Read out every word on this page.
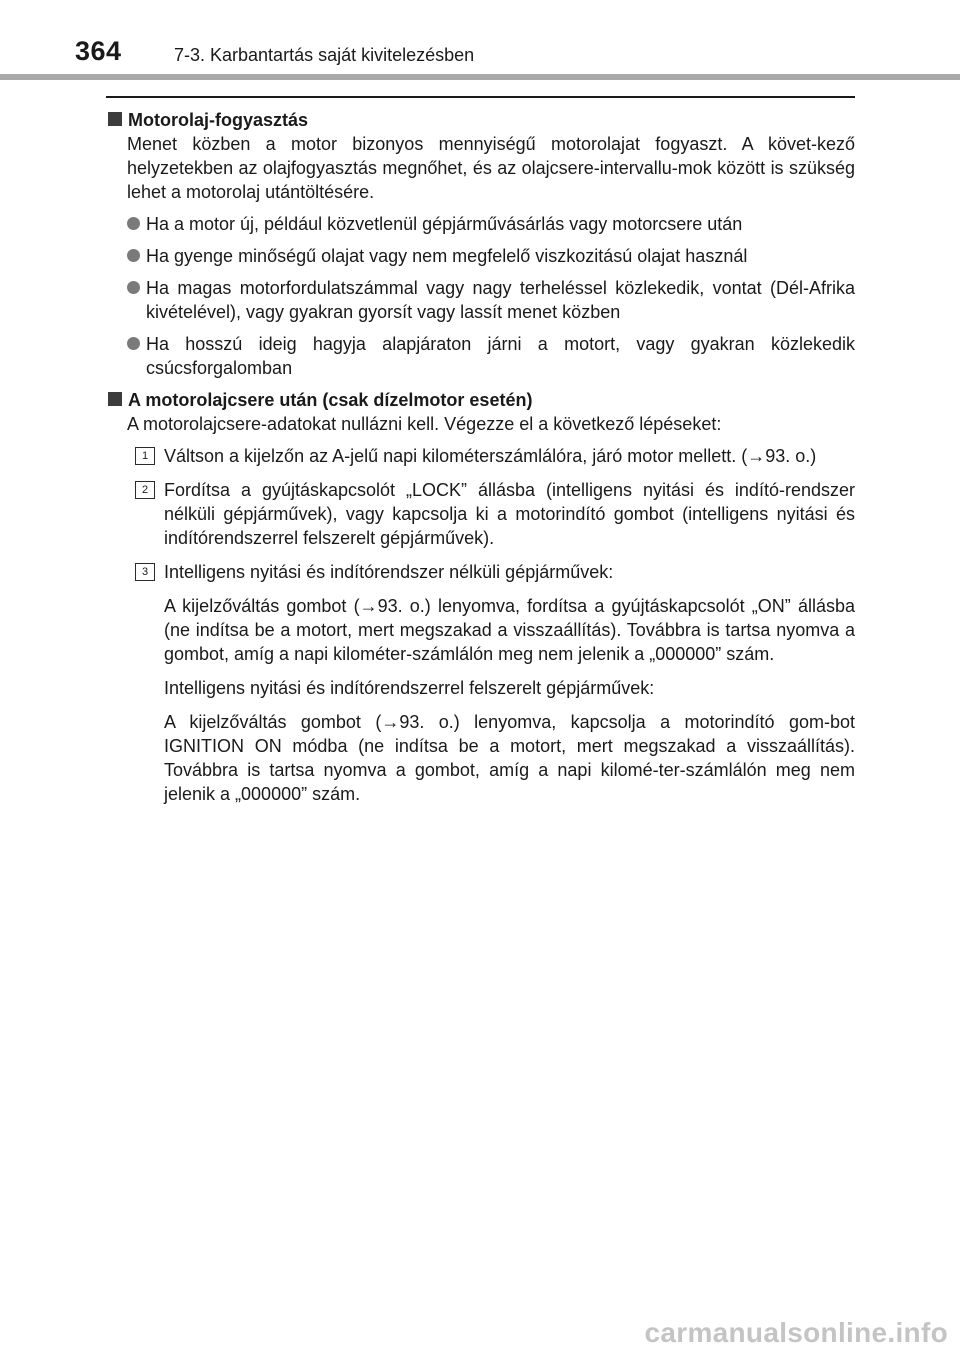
364	7-3. Karbantartás saját kivitelezésben
Motorolaj-fogyasztás

Menet közben a motor bizonyos mennyiségű motorolajat fogyaszt. A követ-kező helyzetekben az olajfogyasztás megnőhet, és az olajcsere-intervallu-mok között is szükség lehet a motorolaj utántöltésére.

Ha a motor új, például közvetlenül gépjárművásárlás vagy motorcsere után
Ha gyenge minőségű olajat vagy nem megfelelő viszkozitású olajat használ
Ha magas motorfordulatszámmal vagy nagy terheléssel közlekedik, vontat (Dél-Afrika kivételével), vagy gyakran gyorsít vagy lassít menet közben
Ha hosszú ideig hagyja alapjáraton járni a motort, vagy gyakran közlekedik csúcsforgalomban
A motorolajcsere után (csak dízelmotor esetén)

A motorolajcsere-adatokat nullázni kell. Végezze el a következő lépéseket:

1 Váltson a kijelzőn az A-jelű napi kilométerszámlálóra, járó motor mellett. (→93. o.)

2 Fordítsa a gyújtáskapcsolót „LOCK” állásba (intelligens nyitási és indító-rendszer nélküli gépjárművek), vagy kapcsolja ki a motorindító gombot (intelligens nyitási és indítórendszerrel felszerelt gépjárművek).

3 Intelligens nyitási és indítórendszer nélküli gépjárművek:

A kijelzőváltás gombot (→93. o.) lenyomva, fordítsa a gyújtáskapcsolót „ON” állásba (ne indítsa be a motort, mert megszakad a visszaállítás). Továbbra is tartsa nyomva a gombot, amíg a napi kilométer-számlálón meg nem jelenik a „000000” szám.

Intelligens nyitási és indítórendszerrel felszerelt gépjárművek:

A kijelzőváltás gombot (→93. o.) lenyomva, kapcsolja a motorindító gom-bot IGNITION ON módba (ne indítsa be a motort, mert megszakad a visszaállítás). Továbbra is tartsa nyomva a gombot, amíg a napi kilomé-ter-számlálón meg nem jelenik a „000000” szám.

carmanualsonline.info
